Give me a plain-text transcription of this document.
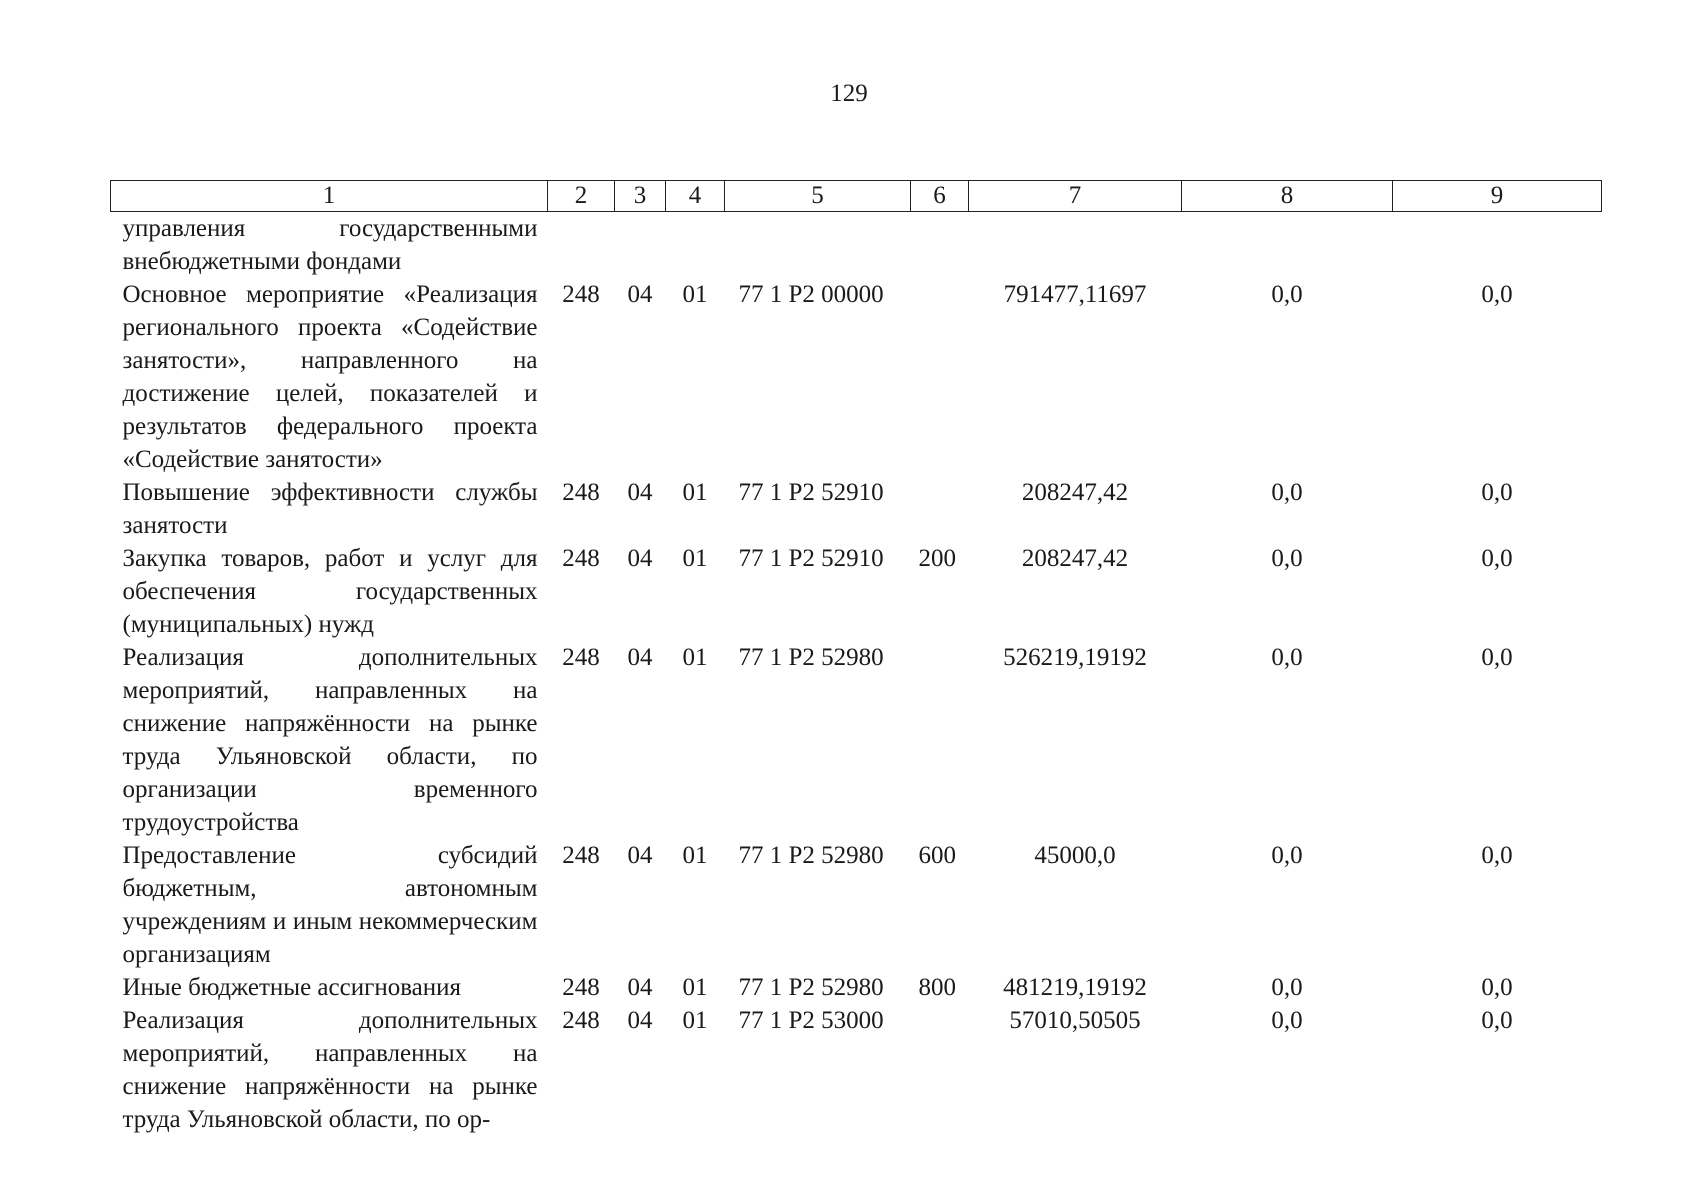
129
1	2	3	4	5	6	7	8	9
управления государственными внебюджетными фондами								
Основное мероприятие «Реализация регионального проекта «Содействие занятости», направленного на достижение целей, показателей и результатов федерального проекта «Содействие занятости»	248	04	01	77 1 Р2 00000		791477,11697	0,0	0,0
Повышение эффективности службы занятости	248	04	01	77 1 Р2 52910		208247,42	0,0	0,0
Закупка товаров, работ и услуг для обеспечения государственных (муниципальных) нужд	248	04	01	77 1 Р2 52910	200	208247,42	0,0	0,0
Реализация дополнительных мероприятий, направленных на снижение напряжённости на рынке труда Ульяновской области, по организации временного трудоустройства	248	04	01	77 1 Р2 52980		526219,19192	0,0	0,0
Предоставление субсидий бюджетным, автономным учреждениям и иным некоммерческим организациям	248	04	01	77 1 Р2 52980	600	45000,0	0,0	0,0
Иные бюджетные ассигнования	248	04	01	77 1 Р2 52980	800	481219,19192	0,0	0,0
Реализация дополнительных мероприятий, направленных на снижение напряжённости на рынке труда Ульяновской области, по ор-	248	04	01	77 1 Р2 53000		57010,50505	0,0	0,0
